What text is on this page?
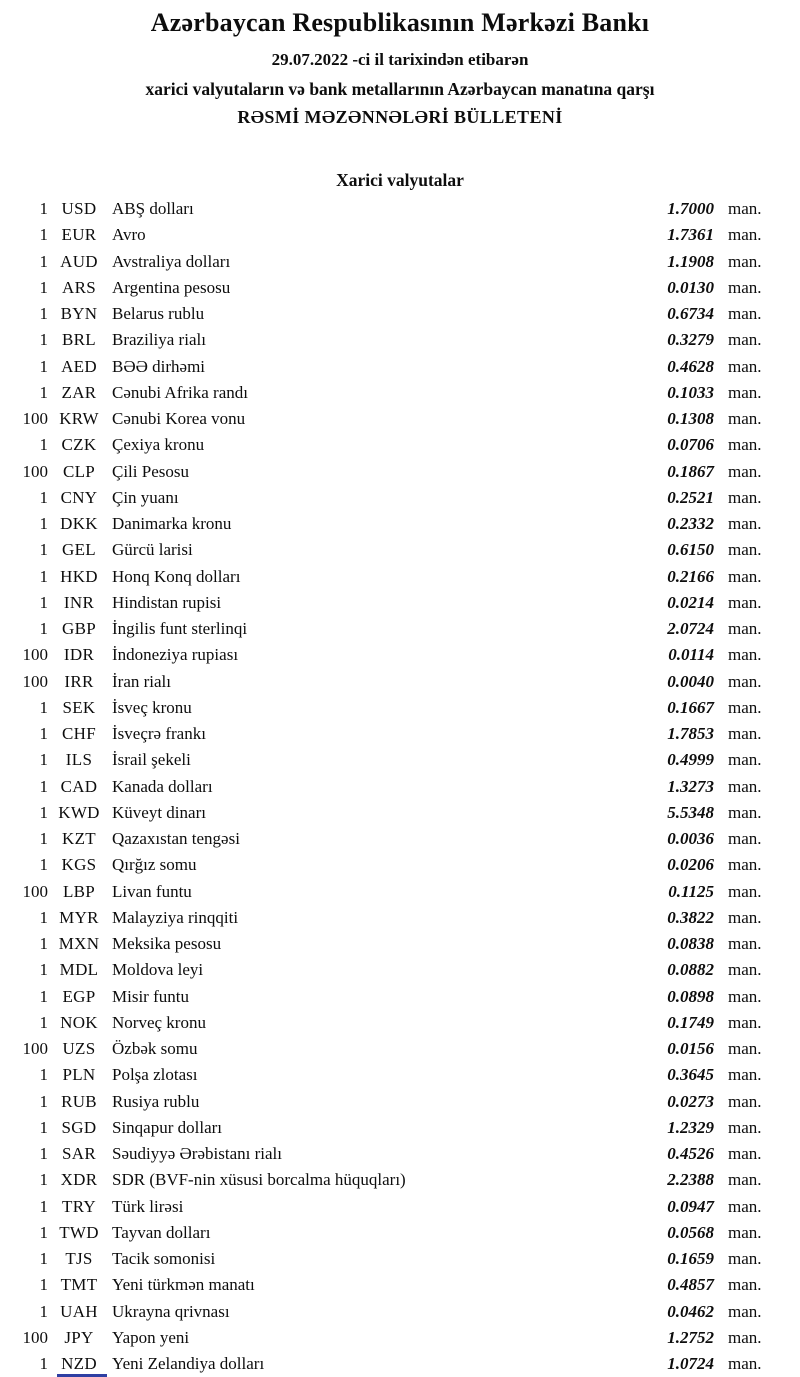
Azərbaycan Respublikasının Mərkəzi Bankı
29.07.2022 -ci il tarixindən etibarən
xarici valyutaların və bank metallarının Azərbaycan manatına qarşı
RƏSMİ MƏZƏNNƏLƏRİ BÜLLETENİ
Xarici valyutalar
1 USD ABŞ dolları	1.7000 man.
1 EUR Avro	1.7361 man.
1 AUD Avstraliya dolları	1.1908 man.
1 ARS Argentina pesosu	0.0130 man.
1 BYN Belarus rublu	0.6734 man.
1 BRL Braziliya rialı	0.3279 man.
1 AED BƏƏ dirhəmi	0.4628 man.
1 ZAR Cənubi Afrika randı	0.1033 man.
100 KRW Cənubi Korea vonu	0.1308 man.
1 CZK Çexiya kronu	0.0706 man.
100 CLP Çili Pesosu	0.1867 man.
1 CNY Çin yuanı	0.2521 man.
1 DKK Danimarka kronu	0.2332 man.
1 GEL Gürcü larisi	0.6150 man.
1 HKD Honq Konq dolları	0.2166 man.
1 INR	Hindistan rupisi	0.0214 man.
1 GBP İngilis funt sterlinqi	2.0724 man.
100 IDR	İndoneziya rupiası	0.0114 man.
100 IRR	İran rialı	0.0040 man.
1 SEK İsveç kronu	0.1667 man.
1 CHF İsveçrə frankı	1.7853 man.
1	ILS	İsrail şekeli	0.4999 man.
1 CAD Kanada dolları	1.3273 man.
1 KWD Küveyt dinarı	5.5348 man.
1 KZT Qazaxıstan tengəsi	0.0036 man.
1 KGS Qırğız somu	0.0206 man.
100 LBP Livan funtu	0.1125 man.
1 MYR Malayziya rinqqiti	0.3822 man.
1 MXN Meksika pesosu	0.0838 man.
1 MDL Moldova leyi	0.0882 man.
1 EGP Misir funtu	0.0898 man.
1 NOK Norveç kronu	0.1749 man.
100 UZS Özbək somu	0.0156 man.
1 PLN Polşa zlotası	0.3645 man.
1 RUB Rusiya rublu	0.0273 man.
1 SGD Sinqapur dolları	1.2329 man.
1 SAR Səudiyyə Ərəbistanı rialı	0.4526 man.
1 XDR SDR (BVF-nin xüsusi borcalma hüquqları)	2.2388 man.
1 TRY Türk lirəsi	0.0947 man.
1 TWD Tayvan dolları	0.0568 man.
1	TJS	Tacik somonisi	0.1659 man.
1 TMT Yeni türkmən manatı	0.4857 man.
1 UAH Ukrayna qrivnası	0.0462 man.
100 JPY	Yapon yeni	1.2752 man.
1 NZD Yeni Zelandiya dolları	1.0724 man.
